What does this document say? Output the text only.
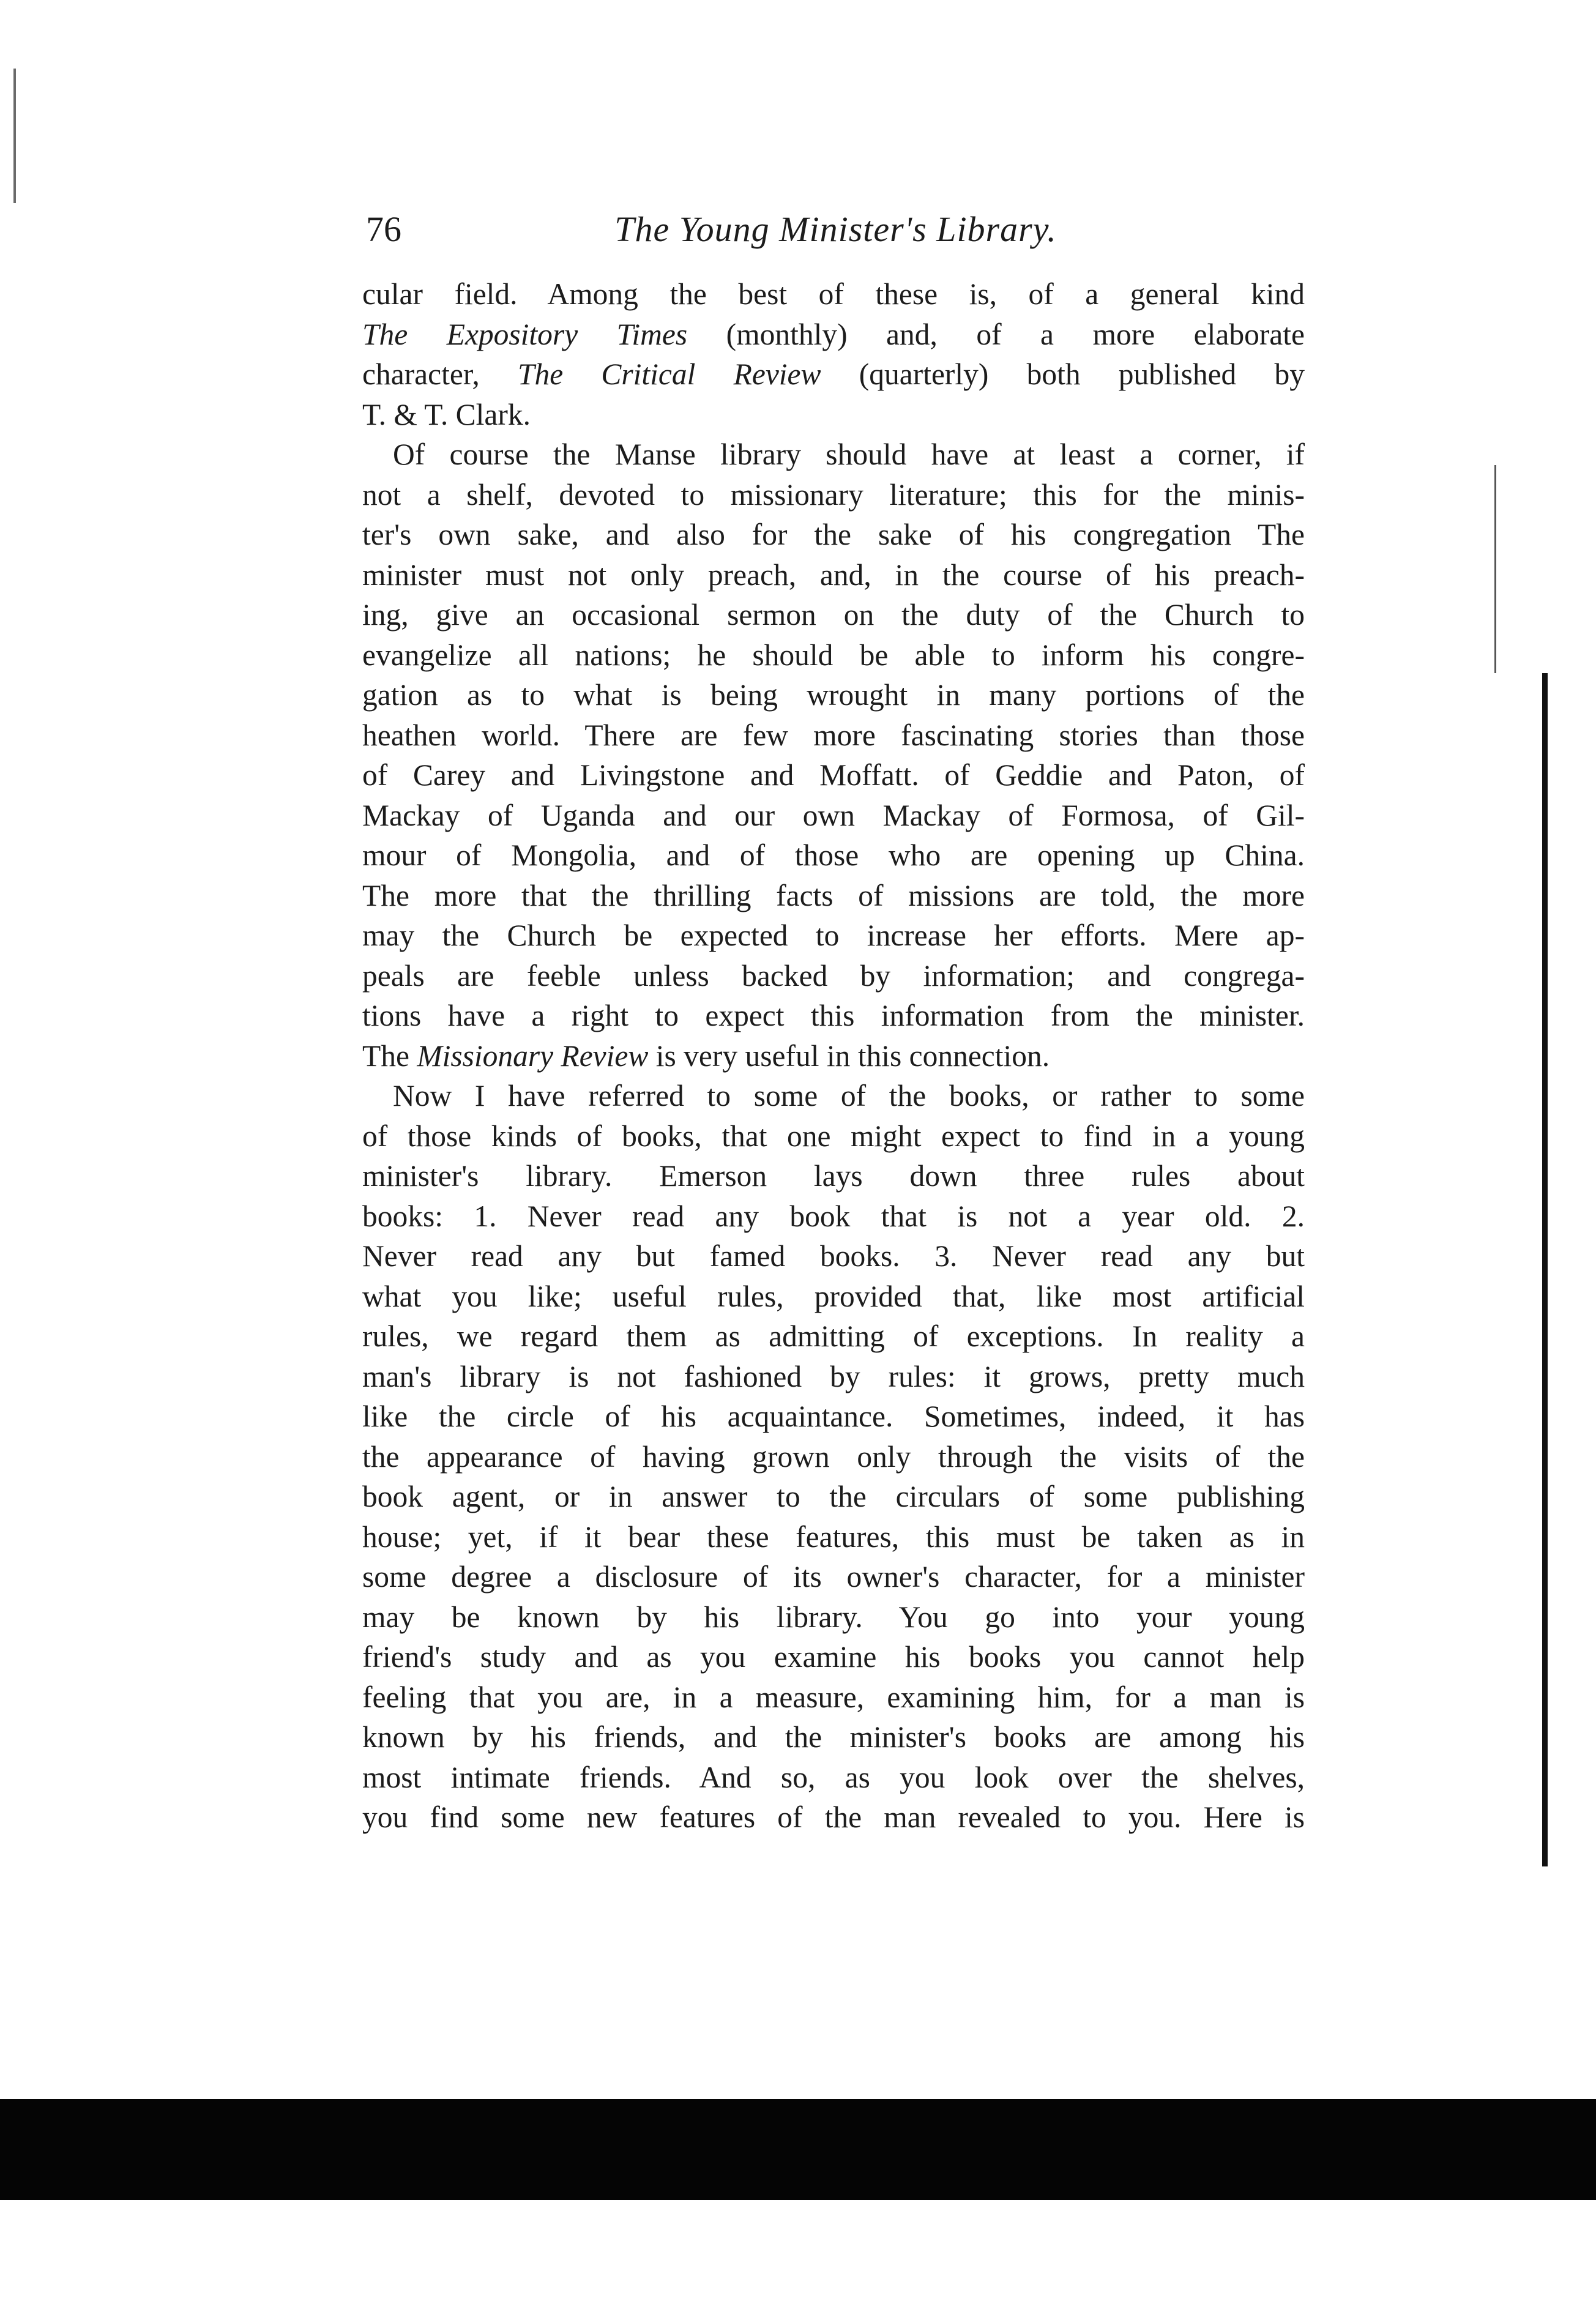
76	The Young Minister's Library.
cular field. Among the best of these is, of a general kind
The Expository Times (monthly) and, of a more elaborate
character, The Critical Review (quarterly) both published by
T. & T. Clark.
Of course the Manse library should have at least a corner, if
not a shelf, devoted to missionary literature; this for the minis-
ter's own sake, and also for the sake of his congregation The
minister must not only preach, and, in the course of his preach-
ing, give an occasional sermon on the duty of the Church to
evangelize all nations; he should be able to inform his congre-
gation as to what is being wrought in many portions of the
heathen world. There are few more fascinating stories than those
of Carey and Livingstone and Moffatt. of Geddie and Paton, of
Mackay of Uganda and our own Mackay of Formosa, of Gil-
mour of Mongolia, and of those who are opening up China.
The more that the thrilling facts of missions are told, the more
may the Church be expected to increase her efforts. Mere ap-
peals are feeble unless backed by information; and congrega-
tions have a right to expect this information from the minister.
The Missionary Review is very useful in this connection.
Now I have referred to some of the books, or rather to some
of those kinds of books, that one might expect to find in a young
minister's library. Emerson lays down three rules about
books: 1. Never read any book that is not a year old. 2.
Never read any but famed books. 3. Never read any but
what you like; useful rules, provided that, like most artificial
rules, we regard them as admitting of exceptions. In reality a
man's library is not fashioned by rules: it grows, pretty much
like the circle of his acquaintance. Sometimes, indeed, it has
the appearance of having grown only through the visits of the
book agent, or in answer to the circulars of some publishing
house; yet, if it bear these features, this must be taken as in
some degree a disclosure of its owner's character, for a minister
may be known by his library. You go into your young
friend's study and as you examine his books you cannot help
feeling that you are, in a measure, examining him, for a man is
known by his friends, and the minister's books are among his
most intimate friends. And so, as you look over the shelves,
you find some new features of the man revealed to you. Here is
